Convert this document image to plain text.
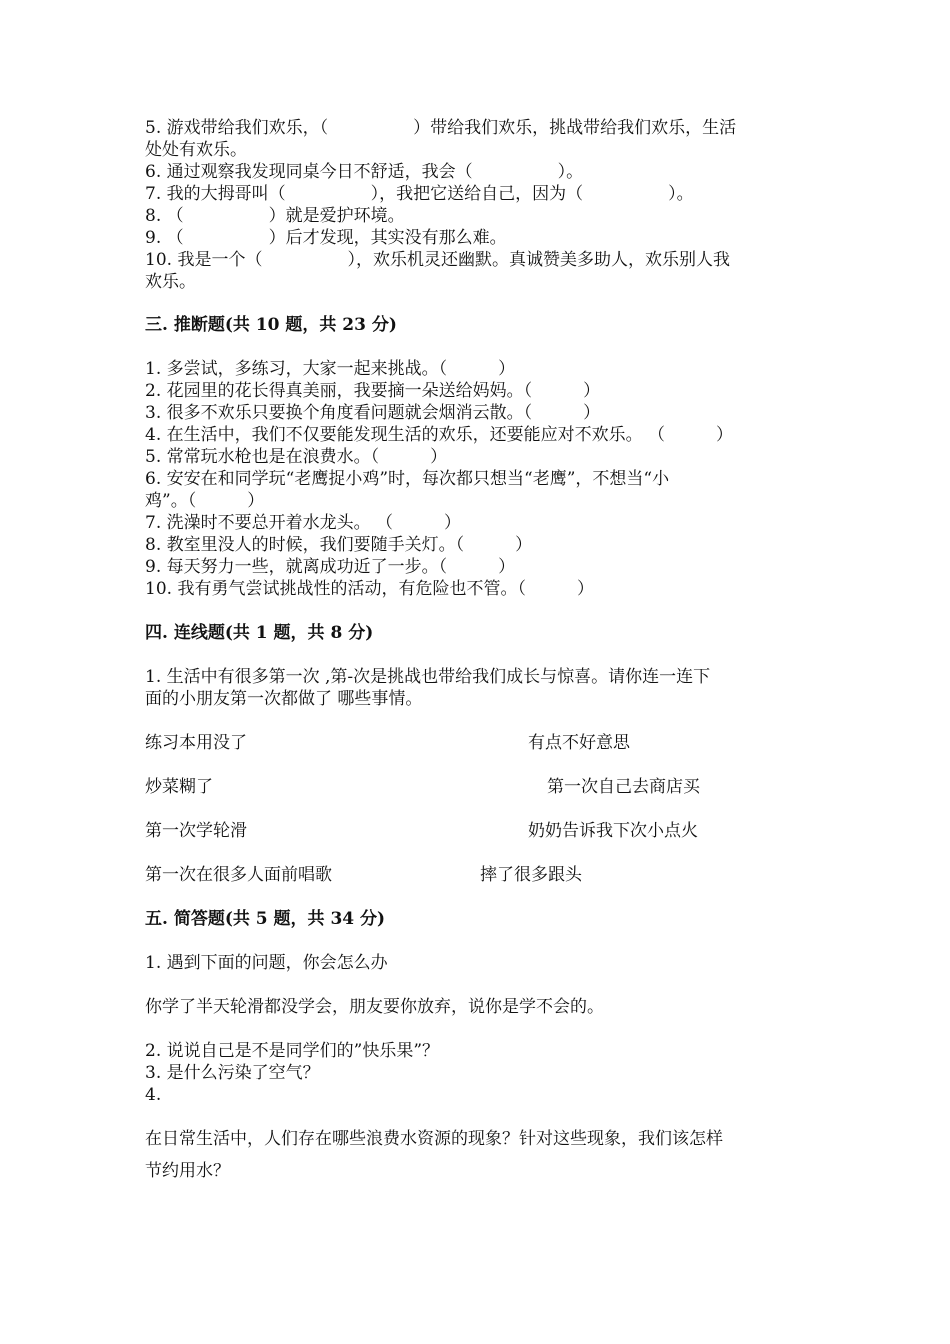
5. 游戏带给我们欢乐，（　　　　　）带给我们欢乐，挑战带给我们欢乐，生活
处处有欢乐。
6. 通过观察我发现同桌今日不舒适，我会（　　　　　）。
7. 我的大拇哥叫（　　　　　），我把它送给自己，因为（　　　　　）。
8. （　　　　　）就是爱护环境。
9. （　　　　　）后才发现，其实没有那么难。
10. 我是一个（　　　　　），欢乐机灵还幽默。真诚赞美多助人，欢乐别人我
欢乐。
三. 推断题(共 10 题，共 23 分)
1. 多尝试，多练习，大家一起来挑战。（　　　）
2. 花园里的花长得真美丽，我要摘一朵送给妈妈。（　　　）
3. 很多不欢乐只要换个角度看问题就会烟消云散。（　　　）
4. 在生活中，我们不仅要能发现生活的欢乐，还要能应对不欢乐。 （　　　）
5. 常常玩水枪也是在浪费水。（　　　）
6. 安安在和同学玩“老鹰捉小鸡”时，每次都只想当“老鹰”，不想当“小
鸡”。（　　　）
7. 洗澡时不要总开着水龙头。 （　　　）
8. 教室里没人的时候，我们要随手关灯。（　　　）
9. 每天努力一些，就离成功近了一步。（　　　）
10. 我有勇气尝试挑战性的活动，有危险也不管。（　　　）
四. 连线题(共 1 题，共 8 分)
1. 生活中有很多第一次 ,第-次是挑战也带给我们成长与惊喜。请你连一连下
面的小朋友第一次都做了 哪些事情。
练习本用没了	有点不好意思
炒菜糊了	第一次自己去商店买
第一次学轮滑	奶奶告诉我下次小点火
第一次在很多人面前唱歌	摔了很多跟头
五. 简答题(共 5 题，共 34 分)
1. 遇到下面的问题，你会怎么办
你学了半天轮滑都没学会，朋友要你放弃，说你是学不会的。
2. 说说自己是不是同学们的”快乐果”？
3. 是什么污染了空气？
4.
在日常生活中，人们存在哪些浪费水资源的现象？针对这些现象，我们该怎样
节约用水？
